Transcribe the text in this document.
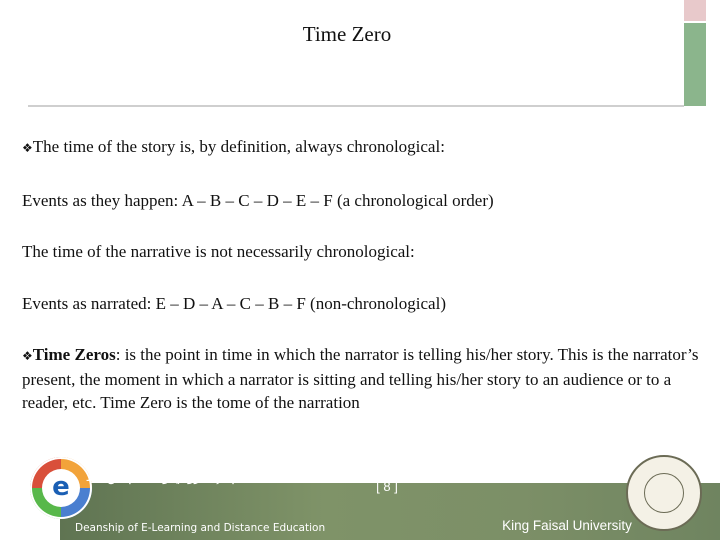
Time Zero

❖The time of the story is, by definition, always chronological:

Events as they happen: A – B – C – D – E – F (a chronological order)

The time of the narrative is not necessarily chronological:

Events as narrated: E – D – A – C – B – F (non-chronological)

❖Time Zeros: is the point in time in which the narrator is telling his/her story. This is the narrator’s present, the moment in which a narrator is sitting and telling his/her story to an audience or to a reader, etc. Time Zero is the tome of the narration

e	عمادة التعلم الإلكتروني والتعليم عن بعد
Deanship of E-Learning and Distance Education
[ 8 ]
جامعة الملك فيصل
King Faisal University
